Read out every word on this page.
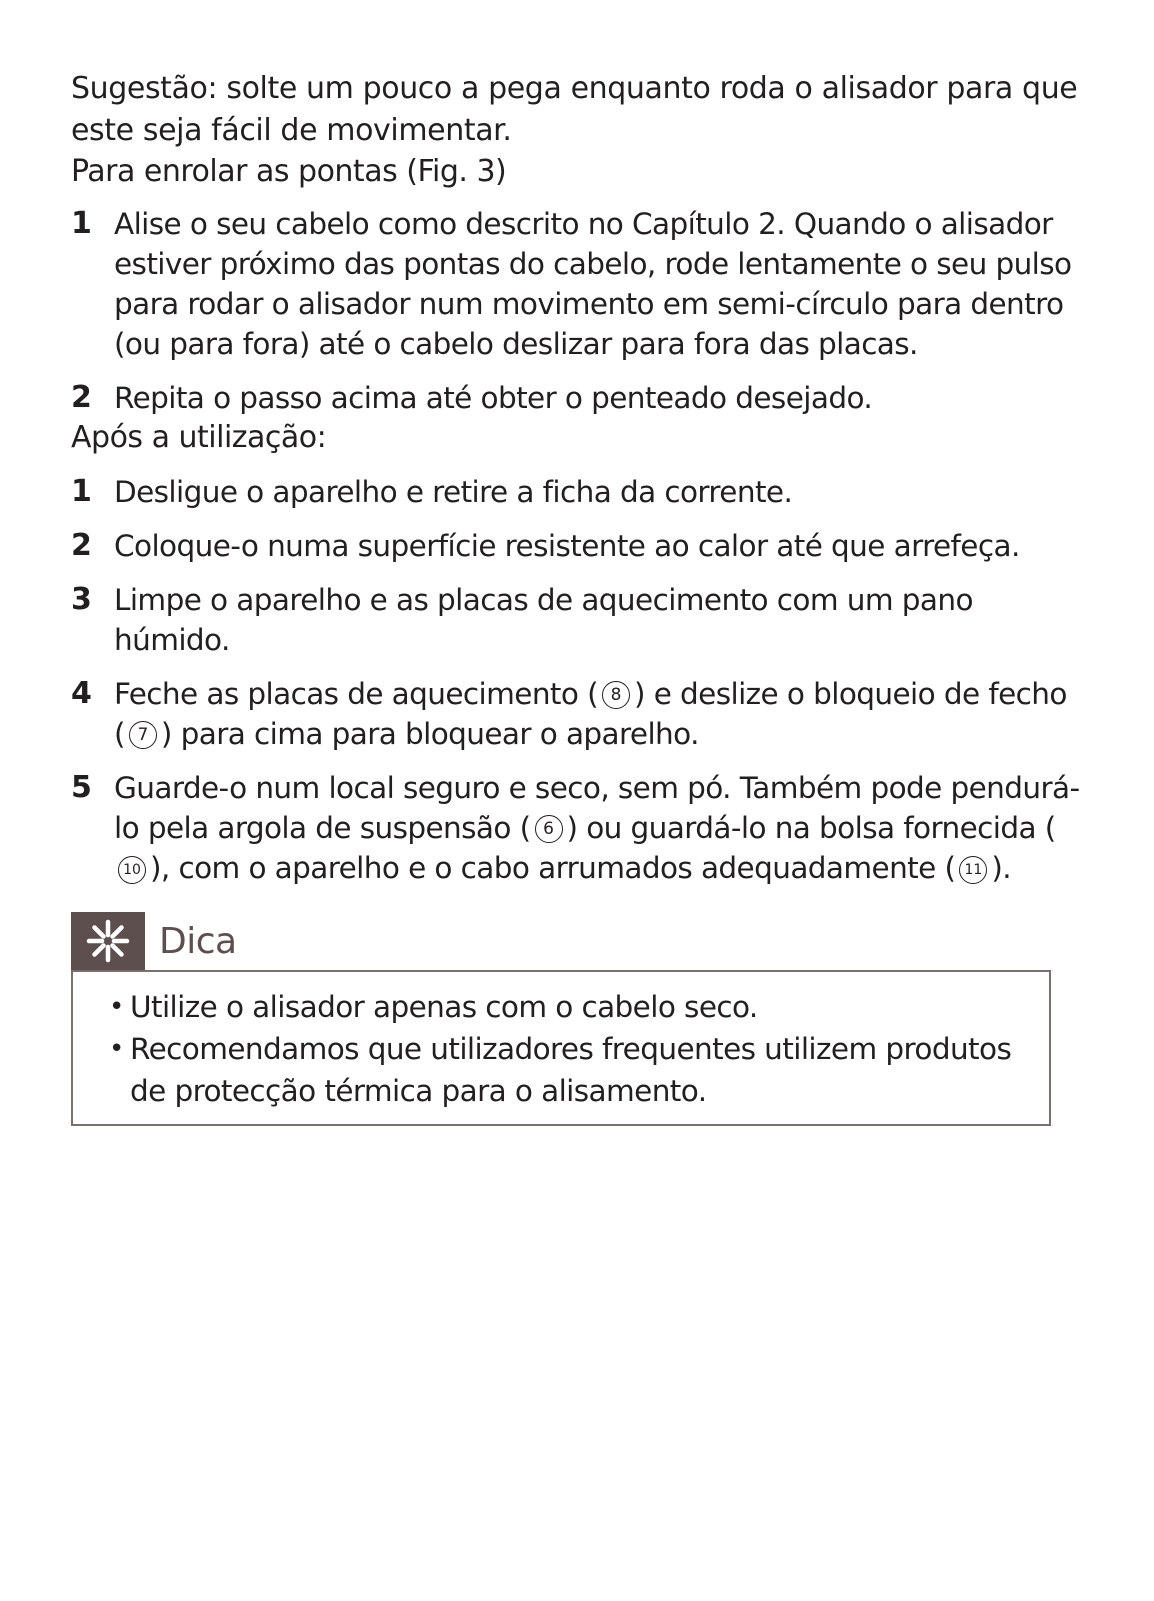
Sugestão: solte um pouco a pega enquanto roda o alisador para que este seja fácil de movimentar.

Para enrolar as pontas (Fig. 3)

1 Alise o seu cabelo como descrito no Capítulo 2. Quando o alisador estiver próximo das pontas do cabelo, rode lentamente o seu pulso para rodar o alisador num movimento em semi-círculo para dentro (ou para fora) até o cabelo deslizar para fora das placas.
2 Repita o passo acima até obter o penteado desejado.

Após a utilização:

1 Desligue o aparelho e retire a ficha da corrente.
2 Coloque-o numa superfície resistente ao calor até que arrefeça.
3 Limpe o aparelho e as placas de aquecimento com um pano húmido.
4 Feche as placas de aquecimento ( 8 ) e deslize o bloqueio de fecho ( 7 ) para cima para bloquear o aparelho.
5 Guarde-o num local seguro e seco, sem pó. Também pode pendurá-lo pela argola de suspensão ( 6 ) ou guardá-lo na bolsa fornecida (10 ), com o aparelho e o cabo arrumados adequadamente ( 11 ).
Dica
• Utilize o alisador apenas com o cabelo seco.
• Recomendamos que utilizadores frequentes utilizem produtos de protecção térmica para o alisamento.
